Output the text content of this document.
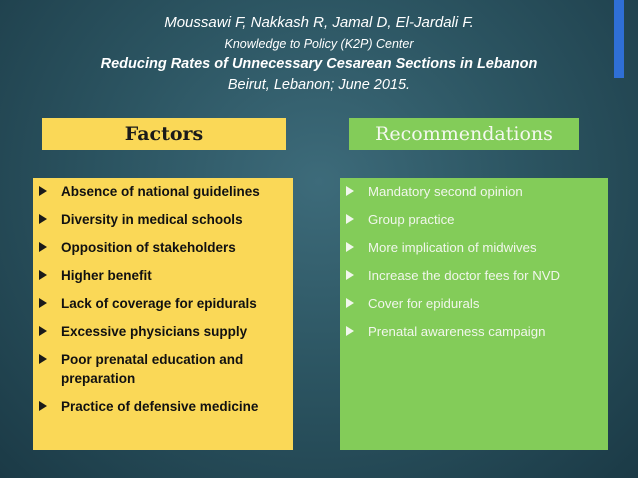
Moussawi F, Nakkash R, Jamal D, El-Jardali F.
Knowledge to Policy (K2P) Center
Reducing Rates of Unnecessary Cesarean Sections in Lebanon
Beirut, Lebanon; June 2015.
Factors	Recommendations
Absence of national guidelines
Diversity in medical schools
Opposition of stakeholders
Higher benefit
Lack of coverage for epidurals
Excessive physicians supply
Poor prenatal education and preparation
Practice of defensive medicine
Mandatory second opinion
Group practice
More implication of midwives
Increase the doctor fees for NVD
Cover for epidurals
Prenatal awareness campaign
